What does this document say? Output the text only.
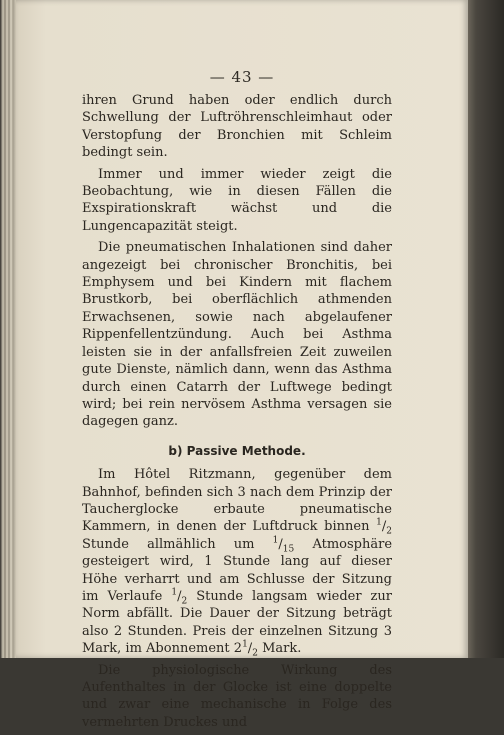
— 43 —

ihren Grund haben oder endlich durch Schwellung der Luftröhrenschleimhaut oder Verstopfung der Bronchien mit Schleim bedingt sein.

Immer und immer wieder zeigt die Beobachtung, wie in diesen Fällen die Exspirationskraft wächst und die Lungencapazität steigt.

Die pneumatischen Inhalationen sind daher angezeigt bei chronischer Bronchitis, bei Emphysem und bei Kindern mit flachem Brustkorb, bei oberflächlich athmenden Erwachsenen, sowie nach abgelaufener Rippenfellentzündung. Auch bei Asthma leisten sie in der anfallsfreien Zeit zuweilen gute Dienste, nämlich dann, wenn das Asthma durch einen Catarrh der Luftwege bedingt wird; bei rein nervösem Asthma versagen sie dagegen ganz.

b) Passive Methode.

Im Hôtel Ritzmann, gegenüber dem Bahnhof, befinden sich 3 nach dem Prinzip der Taucherglocke erbaute pneumatische Kammern, in denen der Luftdruck binnen $^1/_2$ Stunde allmählich um $^1/_{15}$ Atmosphäre gesteigert wird, 1 Stunde lang auf dieser Höhe verharrt und am Schlusse der Sitzung im Verlaufe $^1/_2$ Stunde langsam wieder zur Norm abfällt. Die Dauer der Sitzung beträgt also 2 Stunden. Preis der einzelnen Sitzung 3 Mark, im Abonnement $2^1/_2$ Mark.

Die physiologische Wirkung des Aufenthaltes in der Glocke ist eine doppelte und zwar eine mechanische in Folge des vermehrten Druckes und
